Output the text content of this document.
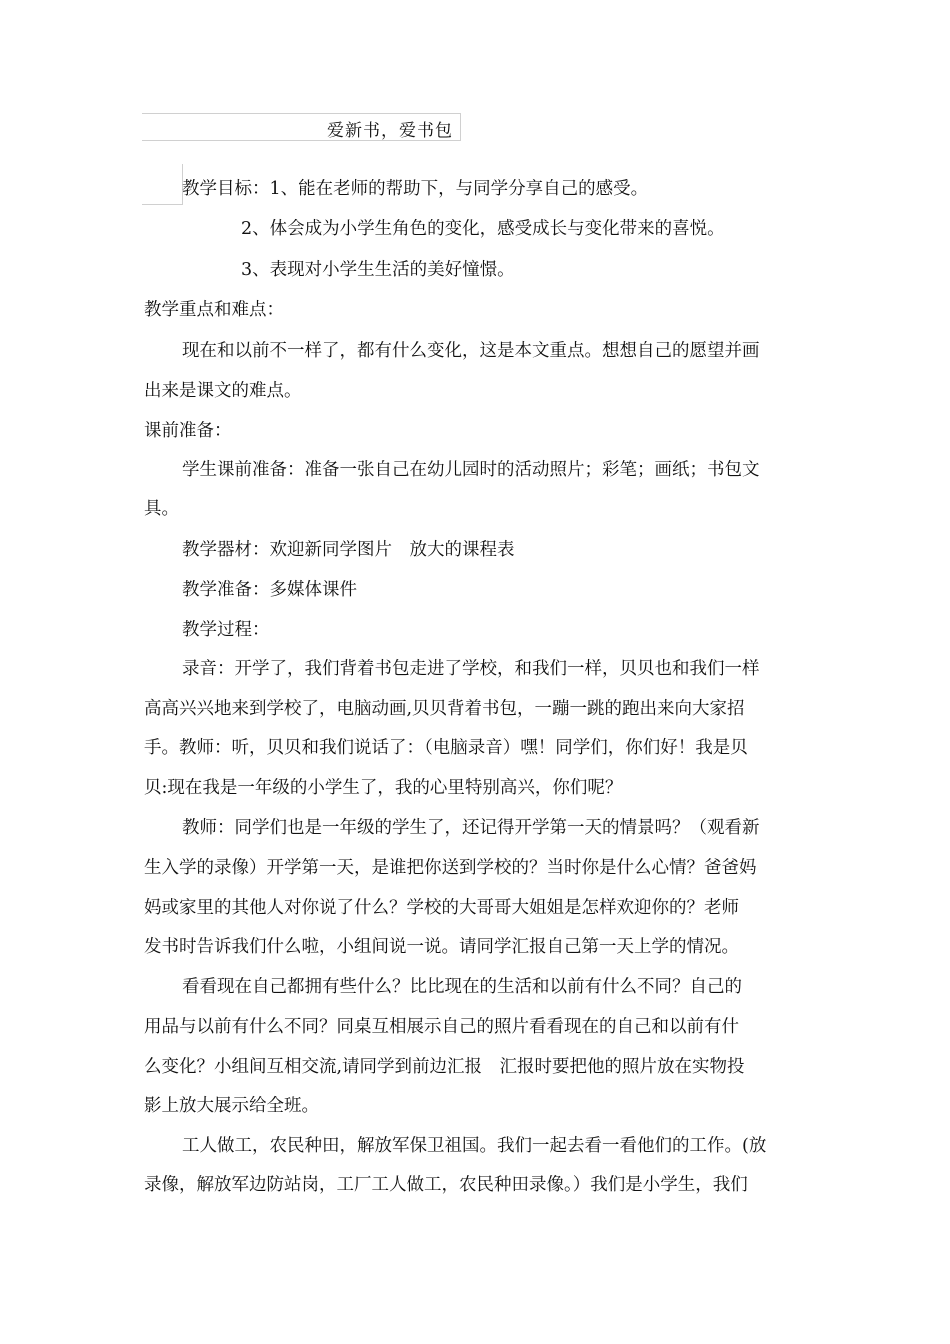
爱新书，爱书包
教学目标：1、能在老师的帮助下，与同学分享自己的感受。
2、体会成为小学生角色的变化，感受成长与变化带来的喜悦。
3、表现对小学生生活的美好憧憬。
教学重点和难点：
现在和以前不一样了，都有什么变化，这是本文重点。想想自己的愿望并画
出来是课文的难点。
课前准备：
学生课前准备：准备一张自己在幼儿园时的活动照片；彩笔；画纸；书包文
具。
教学器材：欢迎新同学图片　放大的课程表
教学准备：多媒体课件
教学过程：
录音：开学了，我们背着书包走进了学校，和我们一样，贝贝也和我们一样
高高兴兴地来到学校了，电脑动画,贝贝背着书包，一蹦一跳的跑出来向大家招
手。教师：听，贝贝和我们说话了：（电脑录音）嘿！同学们，你们好！我是贝
贝:现在我是一年级的小学生了，我的心里特别高兴，你们呢？
教师：同学们也是一年级的学生了，还记得开学第一天的情景吗？（观看新
生入学的录像）开学第一天，是谁把你送到学校的？当时你是什么心情？爸爸妈
妈或家里的其他人对你说了什么？学校的大哥哥大姐姐是怎样欢迎你的？老师
发书时告诉我们什么啦，小组间说一说。请同学汇报自己第一天上学的情况。
看看现在自己都拥有些什么？比比现在的生活和以前有什么不同？自己的
用品与以前有什么不同？同桌互相展示自己的照片看看现在的自己和以前有什
么变化？小组间互相交流,请同学到前边汇报　汇报时要把他的照片放在实物投
影上放大展示给全班。
工人做工，农民种田，解放军保卫祖国。我们一起去看一看他们的工作。(放
录像，解放军边防站岗，工厂工人做工，农民种田录像。）我们是小学生，我们
